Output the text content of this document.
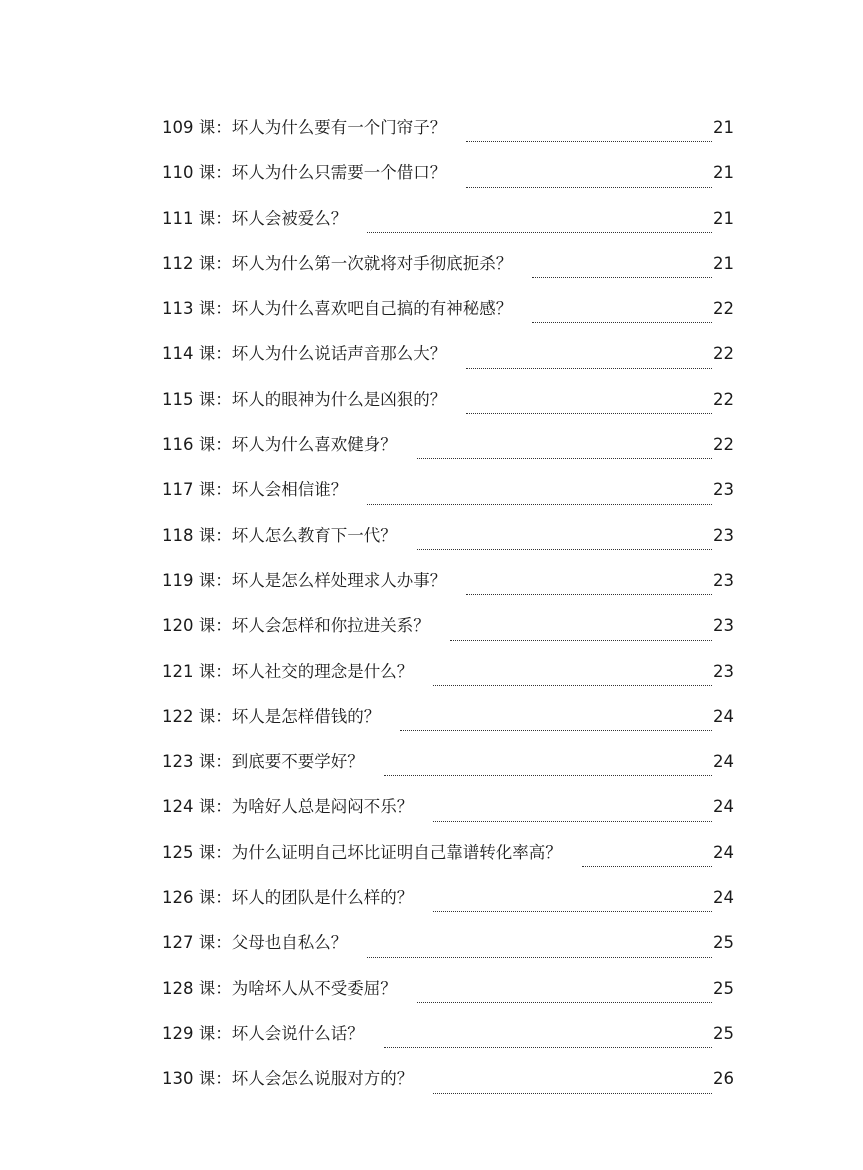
109 课：坏人为什么要有一个门帘子？	21
110 课：坏人为什么只需要一个借口？	21
111 课：坏人会被爱么？	21
112 课：坏人为什么第一次就将对手彻底扼杀？	21
113 课：坏人为什么喜欢吧自己搞的有神秘感？	22
114 课：坏人为什么说话声音那么大？	22
115 课：坏人的眼神为什么是凶狠的？	22
116 课：坏人为什么喜欢健身？	22
117 课：坏人会相信谁？	23
118 课：坏人怎么教育下一代？	23
119 课：坏人是怎么样处理求人办事？	23
120 课：坏人会怎样和你拉进关系？	23
121 课：坏人社交的理念是什么？	23
122 课：坏人是怎样借钱的？	24
123 课：到底要不要学好？	24
124 课：为啥好人总是闷闷不乐？	24
125 课：为什么证明自己坏比证明自己靠谱转化率高？	24
126 课：坏人的团队是什么样的？	24
127 课：父母也自私么？	25
128 课：为啥坏人从不受委屈？	25
129 课：坏人会说什么话？	25
130 课：坏人会怎么说服对方的？	26
